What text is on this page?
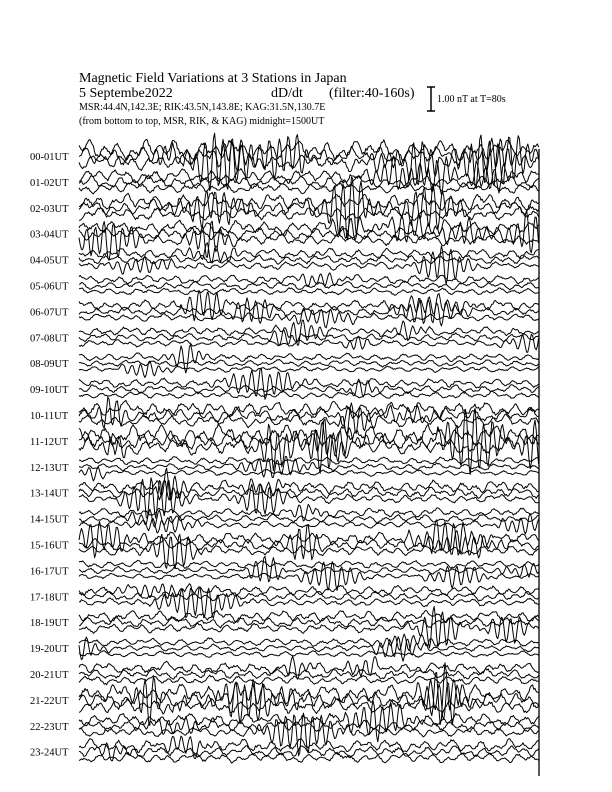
Magnetic Field Variations at 3 Stations in Japan
5 Septembe2022	dD/dt (filter:40-160s)
MSR:44.4N,142.3E; RIK:43.5N,143.8E; KAG:31.5N,130.7E
(from bottom to top, MSR, RIK, & KAG) midnight=1500UT
1.00 nT at T=80s
00-01UT
01-02UT
02-03UT
03-04UT
04-05UT
05-06UT
06-07UT
07-08UT
08-09UT
09-10UT
10-11UT
11-12UT
12-13UT
13-14UT
14-15UT
15-16UT
16-17UT
17-18UT
18-19UT
19-20UT
20-21UT
21-22UT
22-23UT
23-24UT
